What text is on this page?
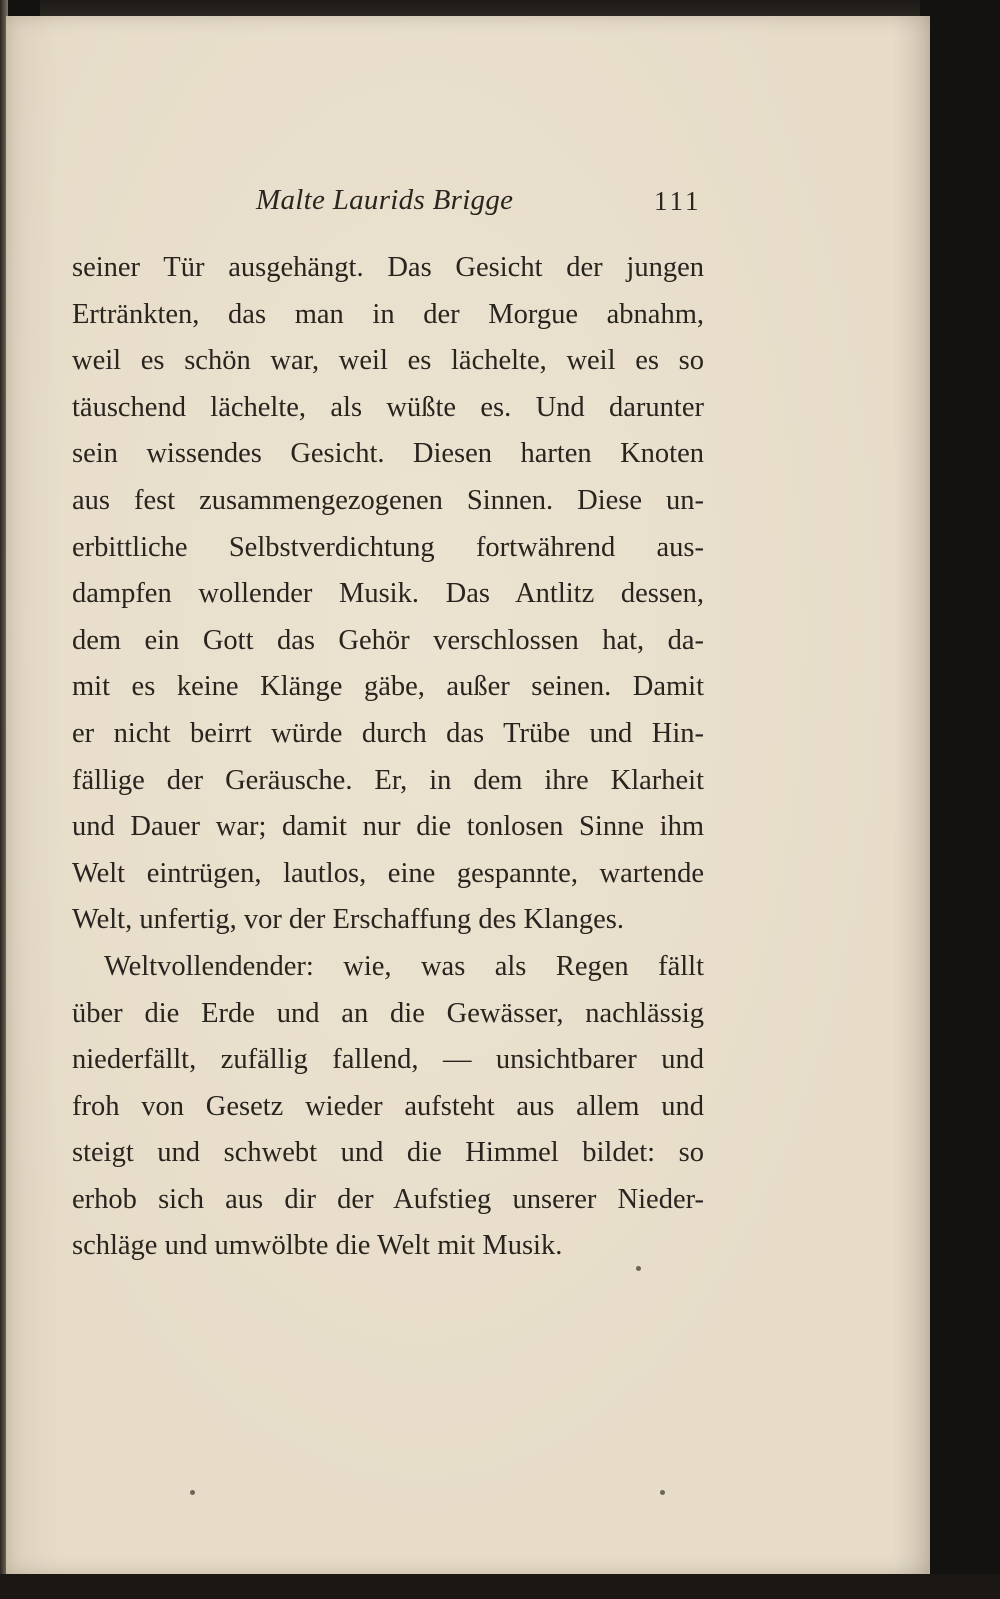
Malte Laurids Brigge	111
seiner Tür ausgehängt. Das Gesicht der jungen
Ertränkten, das man in der Morgue abnahm,
weil es schön war, weil es lächelte, weil es so
täuschend lächelte, als wüßte es. Und darunter
sein wissendes Gesicht. Diesen harten Knoten
aus fest zusammengezogenen Sinnen. Diese un-
erbittliche Selbstverdichtung fortwährend aus-
dampfen wollender Musik. Das Antlitz dessen,
dem ein Gott das Gehör verschlossen hat, da-
mit es keine Klänge gäbe, außer seinen. Damit
er nicht beirrt würde durch das Trübe und Hin-
fällige der Geräusche. Er, in dem ihre Klarheit
und Dauer war; damit nur die tonlosen Sinne ihm
Welt eintrügen, lautlos, eine gespannte, wartende
Welt, unfertig, vor der Erschaffung des Klanges.
Weltvollendender: wie, was als Regen fällt
über die Erde und an die Gewässer, nachlässig
niederfällt, zufällig fallend, — unsichtbarer und
froh von Gesetz wieder aufsteht aus allem und
steigt und schwebt und die Himmel bildet: so
erhob sich aus dir der Aufstieg unserer Nieder-
schläge und umwölbte die Welt mit Musik.
